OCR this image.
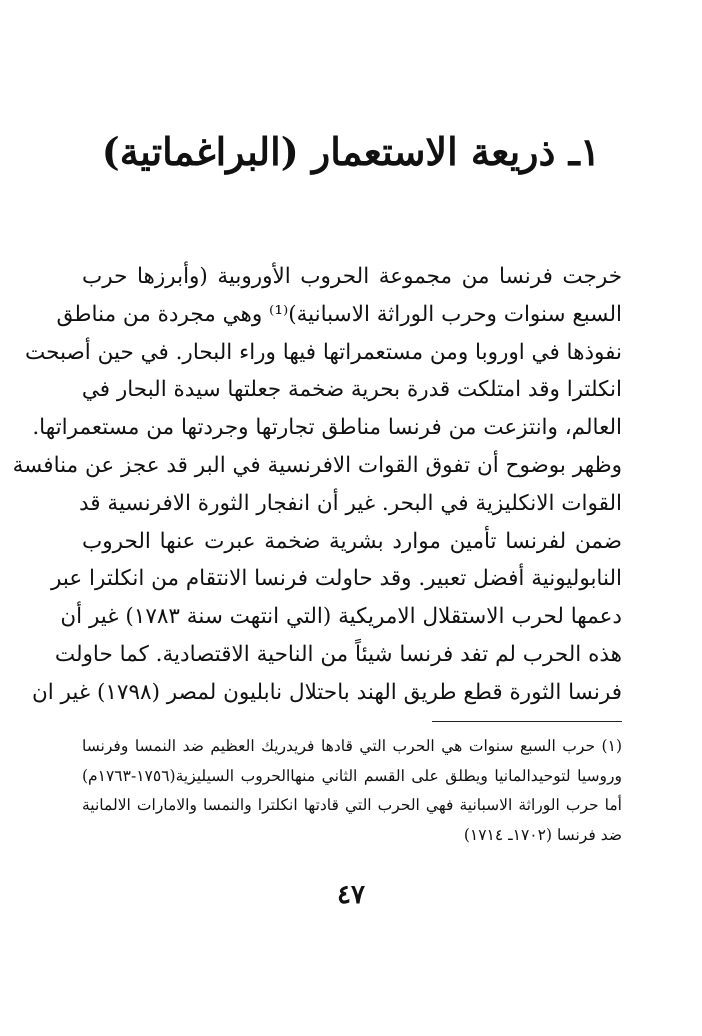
١ـ ذريعة الاستعمار (البراغماتية)
خرجت فرنسا من مجموعة الحروب الأوروبية (وأبرزها حرب
السبع سنوات وحرب الوراثة الاسبانية)⁽¹⁾ وهي مجردة من مناطق
نفوذها في اوروبا ومن مستعمراتها فيها وراء البحار. في حين أصبحت
انكلترا وقد امتلكت قدرة بحرية ضخمة جعلتها سيدة البحار في
العالم، وانتزعت من فرنسا مناطق تجارتها وجردتها من مستعمراتها.
وظهر بوضوح أن تفوق القوات الافرنسية في البر قد عجز عن منافسة
القوات الانكليزية في البحر. غير أن انفجار الثورة الافرنسية قد
ضمن لفرنسا تأمين موارد بشرية ضخمة عبرت عنها الحروب
النابوليونية أفضل تعبير. وقد حاولت فرنسا الانتقام من انكلترا عبر
دعمها لحرب الاستقلال الامريكية (التي انتهت سنة ١٧٨٣) غير أن
هذه الحرب لم تفد فرنسا شيئاً من الناحية الاقتصادية. كما حاولت
فرنسا الثورة قطع طريق الهند باحتلال نابليون لمصر (١٧٩٨) غير ان
(١) حرب السبع سنوات هي الحرب التي قادها فريدريك العظيم ضد النمسا وفرنسا
وروسيا لتوحيدالمانيا ويطلق على القسم الثاني منهاالحروب السيليزية(١٧٥٦-١٧٦٣م)
أما حرب الوراثة الاسبانية فهي الحرب التي قادتها انكلترا والنمسا والامارات الالمانية
ضد فرنسا (١٧٠٢ـ ١٧١٤)
٤٧
